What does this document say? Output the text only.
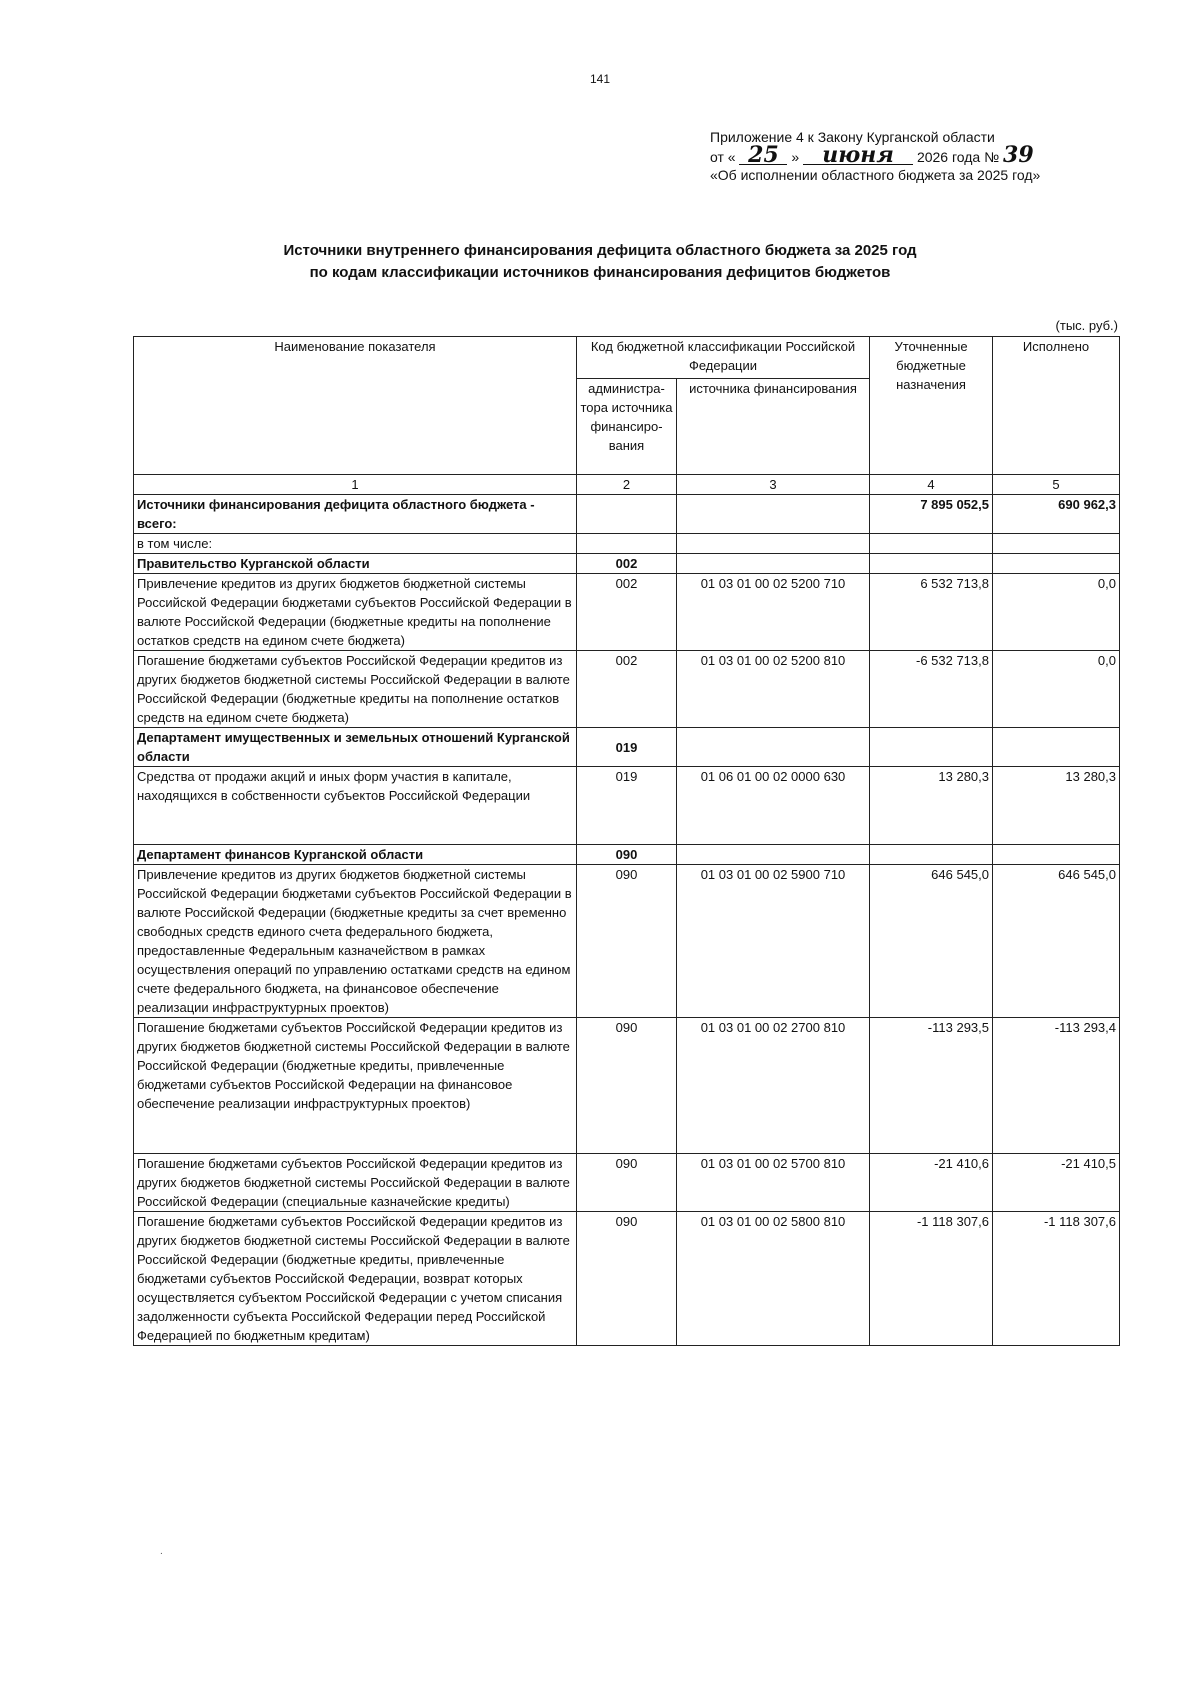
141
Приложение 4 к Закону Курганской области
от « 25 » июня 2026 года № 39
«Об исполнении областного бюджета за 2025 год»
Источники внутреннего финансирования дефицита областного бюджета за 2025 год
по кодам классификации источников финансирования дефицитов бюджетов
(тыс. руб.)
Наименование показателя	Код бюджетной классификации Российской Федерации		Уточненные бюджетные назначения	Исполнено
	администра-тора источника финансиро-вания	источника финансирования		
1	2	3	4	5
Источники финансирования дефицита областного бюджета - всего:			7 895 052,5	690 962,3
в том числе:				
Правительство Курганской области	002			
Привлечение кредитов из других бюджетов бюджетной системы Российской Федерации бюджетами субъектов Российской Федерации в валюте Российской Федерации (бюджетные кредиты на пополнение остатков средств на едином счете бюджета)	002	01 03 01 00 02 5200 710	6 532 713,8	0,0
Погашение бюджетами субъектов Российской Федерации кредитов из других бюджетов бюджетной системы Российской Федерации в валюте Российской Федерации (бюджетные кредиты на пополнение остатков средств на едином счете бюджета)	002	01 03 01 00 02 5200 810	-6 532 713,8	0,0
Департамент имущественных и земельных отношений Курганской области	019			
Средства от продажи акций и иных форм участия в капитале, находящихся в собственности субъектов Российской Федерации	019	01 06 01 00 02 0000 630	13 280,3	13 280,3
Департамент финансов Курганской области	090			
Привлечение кредитов из других бюджетов бюджетной системы Российской Федерации бюджетами субъектов Российской Федерации в валюте Российской Федерации (бюджетные кредиты за счет временно свободных средств единого счета федерального бюджета, предоставленные Федеральным казначейством в рамках осуществления операций по управлению остатками средств на едином счете федерального бюджета, на финансовое обеспечение реализации инфраструктурных проектов)	090	01 03 01 00 02 5900 710	646 545,0	646 545,0
Погашение бюджетами субъектов Российской Федерации кредитов из других бюджетов бюджетной системы Российской Федерации в валюте Российской Федерации (бюджетные кредиты, привлеченные бюджетами субъектов Российской Федерации на финансовое обеспечение реализации инфраструктурных проектов)	090	01 03 01 00 02 2700 810	-113 293,5	-113 293,4
Погашение бюджетами субъектов Российской Федерации кредитов из других бюджетов бюджетной системы Российской Федерации в валюте Российской Федерации (специальные казначейские кредиты)	090	01 03 01 00 02 5700 810	-21 410,6	-21 410,5
Погашение бюджетами субъектов Российской Федерации кредитов из других бюджетов бюджетной системы Российской Федерации в валюте Российской Федерации (бюджетные кредиты, привлеченные бюджетами субъектов Российской Федерации, возврат которых осуществляется субъектом Российской Федерации с учетом списания задолженности субъекта Российской Федерации перед Российской Федерацией по бюджетным кредитам)	090	01 03 01 00 02 5800 810	-1 118 307,6	-1 118 307,6
.
